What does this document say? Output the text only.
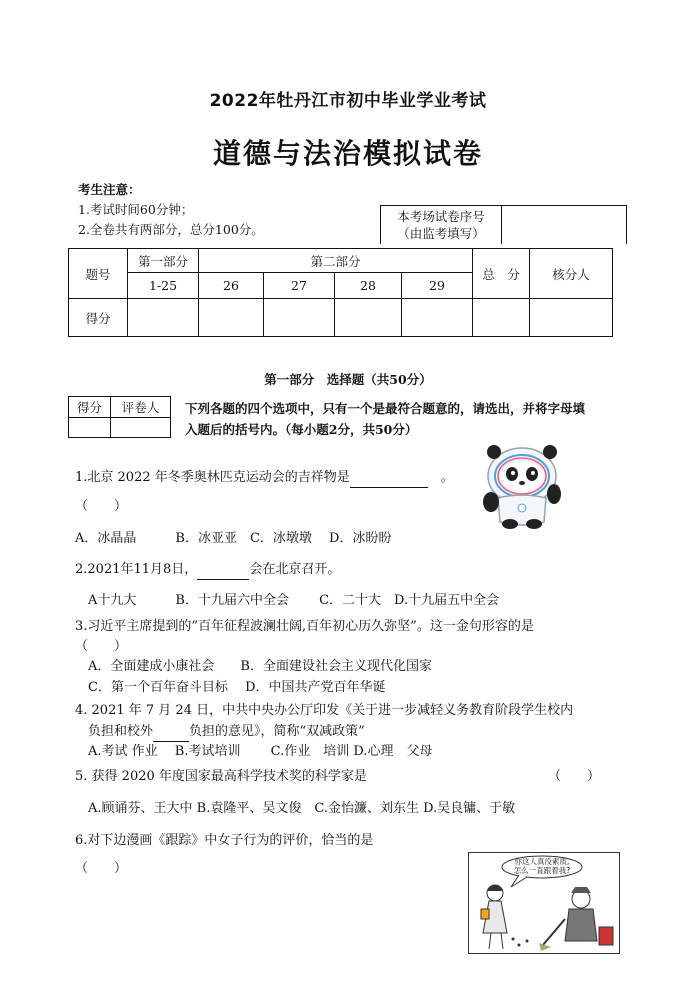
2022年牡丹江市初中毕业学业考试
道德与法治模拟试卷
考生注意：
1.考试时间60分钟；
2.全卷共有两部分，总分100分。
本考场试卷序号
（由监考填写）

题号	第一部分	第二部分				总　分	核分人
	1-25	26	27	28	29		
得分							
第一部分　选择题（共50分）
得分	评卷人
	下列各题的四个选项中，只有一个是最符合题意的，请选出，并将字母填
入题后的括号内。（每小题2分，共50分）
1.北京 2022 年冬季奥林匹克运动会的吉祥物是 　	。
（　　）
A．冰晶晶　　　B．冰亚亚　C．冰墩墩　 D．冰盼盼
2.2021年11月8日，	会在北京召开。
A十九大　　　B．十九届六中全会　　 C．二十大　D.十九届五中全会
3.习近平主席提到的”百年征程波澜壮阔,百年初心历久弥坚”。这一金句形容的是
（　　）
A．全面建成小康社会　　B．全面建设社会主义现代化国家
C．第一个百年奋斗目标　 D．中国共产党百年华诞
4. 2021 年 7 月 24 日，中共中央办公厅印发《关于进一步减轻义务教育阶段学生校内
负担和校外	负担的意见》，简称“双减政策”
A.考试 作业　 B.考试培训　　 C.作业　培训 D.心理　父母
5. 获得 2020 年度国家最高科学技术奖的科学家是	（　　）
A.顾诵芬、王大中 B.袁隆平、吴文俊　C.金怡濂、刘东生 D.吴良镛、于敏
6.对下边漫画《跟踪》中女子行为的评价，恰当的是
（　　）	你这人真没素质,
怎么一直跟着我?
